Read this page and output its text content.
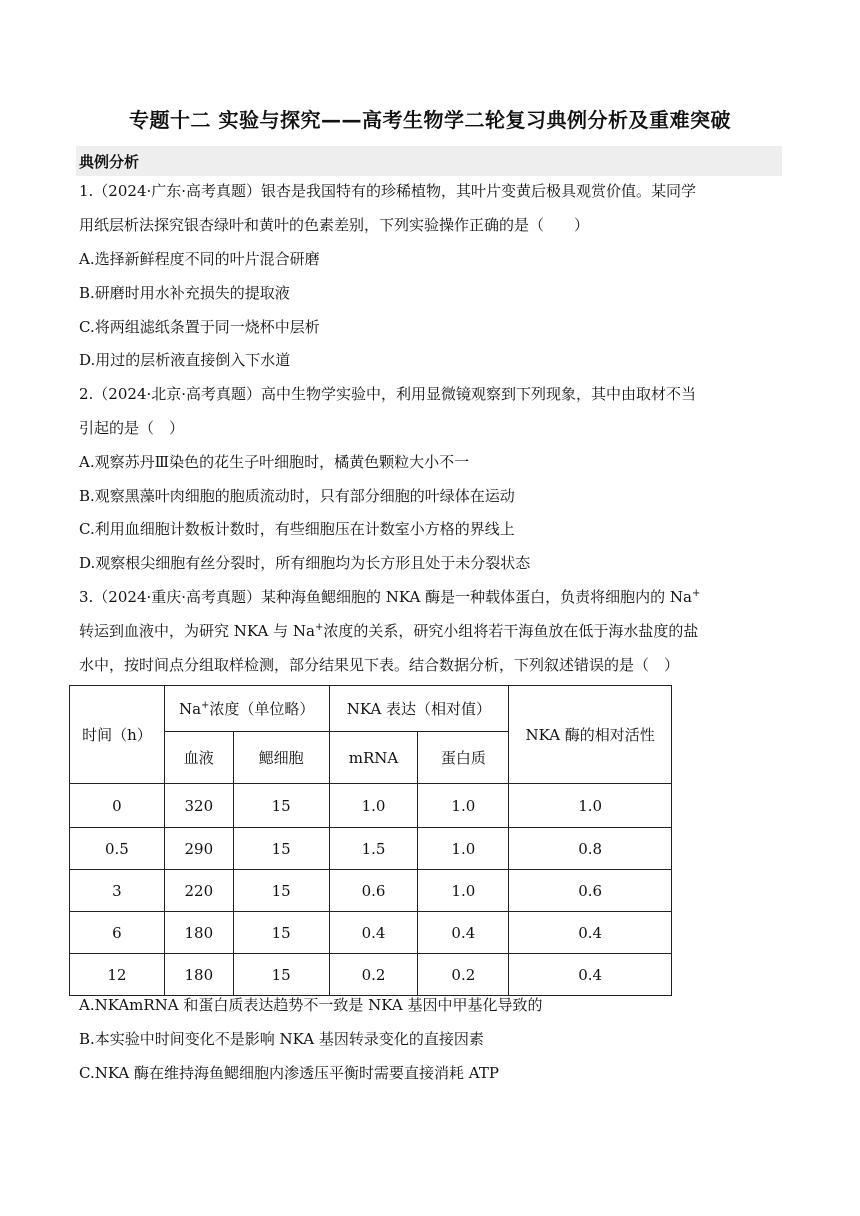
专题十二 实验与探究——高考生物学二轮复习典例分析及重难突破
典例分析
1.（2024·广东·高考真题）银杏是我国特有的珍稀植物，其叶片变黄后极具观赏价值。某同学
用纸层析法探究银杏绿叶和黄叶的色素差别，下列实验操作正确的是（　　）
A.选择新鲜程度不同的叶片混合研磨
B.研磨时用水补充损失的提取液
C.将两组滤纸条置于同一烧杯中层析
D.用过的层析液直接倒入下水道
2.（2024·北京·高考真题）高中生物学实验中，利用显微镜观察到下列现象，其中由取材不当
引起的是（　）
A.观察苏丹Ⅲ染色的花生子叶细胞时，橘黄色颗粒大小不一
B.观察黑藻叶肉细胞的胞质流动时，只有部分细胞的叶绿体在运动
C.利用血细胞计数板计数时，有些细胞压在计数室小方格的界线上
D.观察根尖细胞有丝分裂时，所有细胞均为长方形且处于未分裂状态
3.（2024·重庆·高考真题）某种海鱼鳃细胞的 NKA 酶是一种载体蛋白，负责将细胞内的 Na+
转运到血液中，为研究 NKA 与 Na+浓度的关系，研究小组将若干海鱼放在低于海水盐度的盐
水中，按时间点分组取样检测，部分结果见下表。结合数据分析，下列叙述错误的是（　）
时间（h）	Na+浓度（单位略）		NKA 表达（相对值）		NKA 酶的相对活性
	血液	鳃细胞	mRNA	蛋白质	
0	320	15	1.0	1.0	1.0
0.5	290	15	1.5	1.0	0.8
3	220	15	0.6	1.0	0.6
6	180	15	0.4	0.4	0.4
12	180	15	0.2	0.2	0.4
A.NKAmRNA 和蛋白质表达趋势不一致是 NKA 基因中甲基化导致的
B.本实验中时间变化不是影响 NKA 基因转录变化的直接因素
C.NKA 酶在维持海鱼鳃细胞内渗透压平衡时需要直接消耗 ATP
